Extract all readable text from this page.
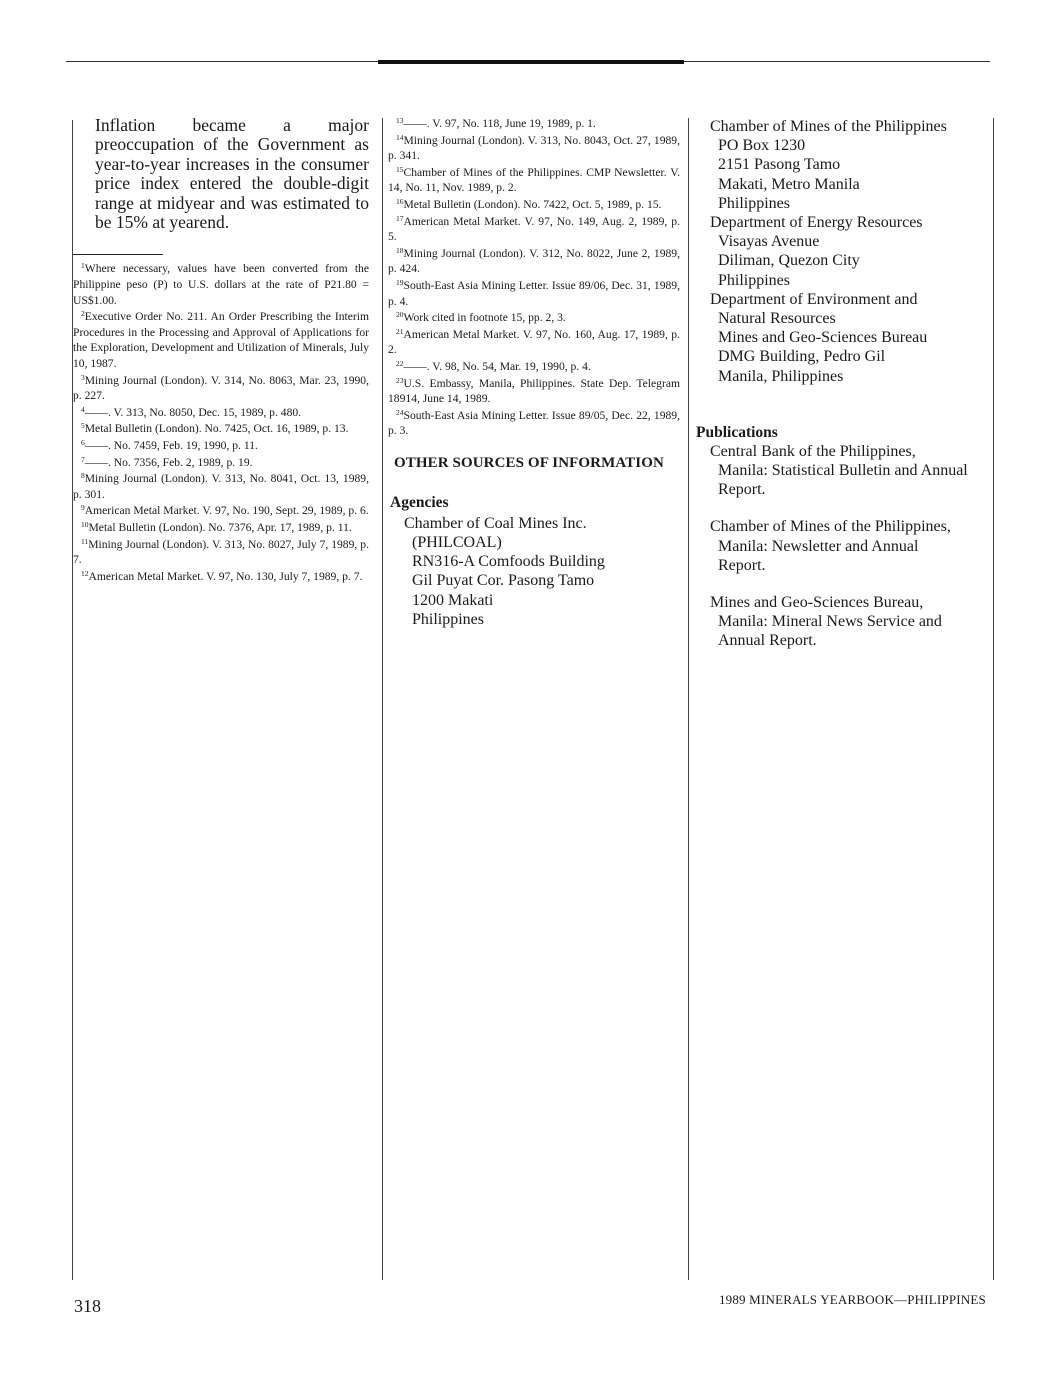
Inflation became a major preoccupation of the Government as year-to-year increases in the consumer price index entered the double-digit range at midyear and was estimated to be 15% at yearend.

$^1$Where necessary, values have been converted from the Philippine peso (P) to U.S. dollars at the rate of P21.80 = US$1.00.

$^2$Executive Order No. 211. An Order Prescribing the Interim Procedures in the Processing and Approval of Applications for the Exploration, Development and Utilization of Minerals, July 10, 1987.

$^3$Mining Journal (London). V. 314, No. 8063, Mar. 23, 1990, p. 227.

$^4$——. V. 313, No. 8050, Dec. 15, 1989, p. 480.

$^5$Metal Bulletin (London). No. 7425, Oct. 16, 1989, p. 13.

$^6$——. No. 7459, Feb. 19, 1990, p. 11.

$^7$——. No. 7356, Feb. 2, 1989, p. 19.

$^8$Mining Journal (London). V. 313, No. 8041, Oct. 13, 1989, p. 301.

$^9$American Metal Market. V. 97, No. 190, Sept. 29, 1989, p. 6.

$^{10}$Metal Bulletin (London). No. 7376, Apr. 17, 1989, p. 11.

$^{11}$Mining Journal (London). V. 313, No. 8027, July 7, 1989, p. 7.

$^{12}$American Metal Market. V. 97, No. 130, July 7, 1989, p. 7.

$^{13}$——. V. 97, No. 118, June 19, 1989, p. 1.

$^{14}$Mining Journal (London). V. 313, No. 8043, Oct. 27, 1989, p. 341.

$^{15}$Chamber of Mines of the Philippines. CMP Newsletter. V. 14, No. 11, Nov. 1989, p. 2.

$^{16}$Metal Bulletin (London). No. 7422, Oct. 5, 1989, p. 15.

$^{17}$American Metal Market. V. 97, No. 149, Aug. 2, 1989, p. 5.

$^{18}$Mining Journal (London). V. 312, No. 8022, June 2, 1989, p. 424.

$^{19}$South-East Asia Mining Letter. Issue 89/06, Dec. 31, 1989, p. 4.

$^{20}$Work cited in footnote 15, pp. 2, 3.

$^{21}$American Metal Market. V. 97, No. 160, Aug. 17, 1989, p. 2.

$^{22}$——. V. 98, No. 54, Mar. 19, 1990, p. 4.

$^{23}$U.S. Embassy, Manila, Philippines. State Dep. Telegram 18914, June 14, 1989.

$^{24}$South-East Asia Mining Letter. Issue 89/05, Dec. 22, 1989, p. 3.

OTHER SOURCES OF INFORMATION
Agencies
Chamber of Coal Mines Inc.
(PHILCOAL)
RN316-A Comfoods Building
Gil Puyat Cor. Pasong Tamo
1200 Makati
Philippines
Chamber of Mines of the Philippines
PO Box 1230
2151 Pasong Tamo
Makati, Metro Manila
Philippines
Department of Energy Resources
Visayas Avenue
Diliman, Quezon City
Philippines
Department of Environment and
Natural Resources
Mines and Geo-Sciences Bureau
DMG Building, Pedro Gil
Manila, Philippines
Publications
Central Bank of the Philippines,
Manila: Statistical Bulletin and Annual
Report.
Chamber of Mines of the Philippines,
Manila: Newsletter and Annual
Report.
Mines and Geo-Sciences Bureau,
Manila: Mineral News Service and
Annual Report.
318	1989 MINERALS YEARBOOK—PHILIPPINES
